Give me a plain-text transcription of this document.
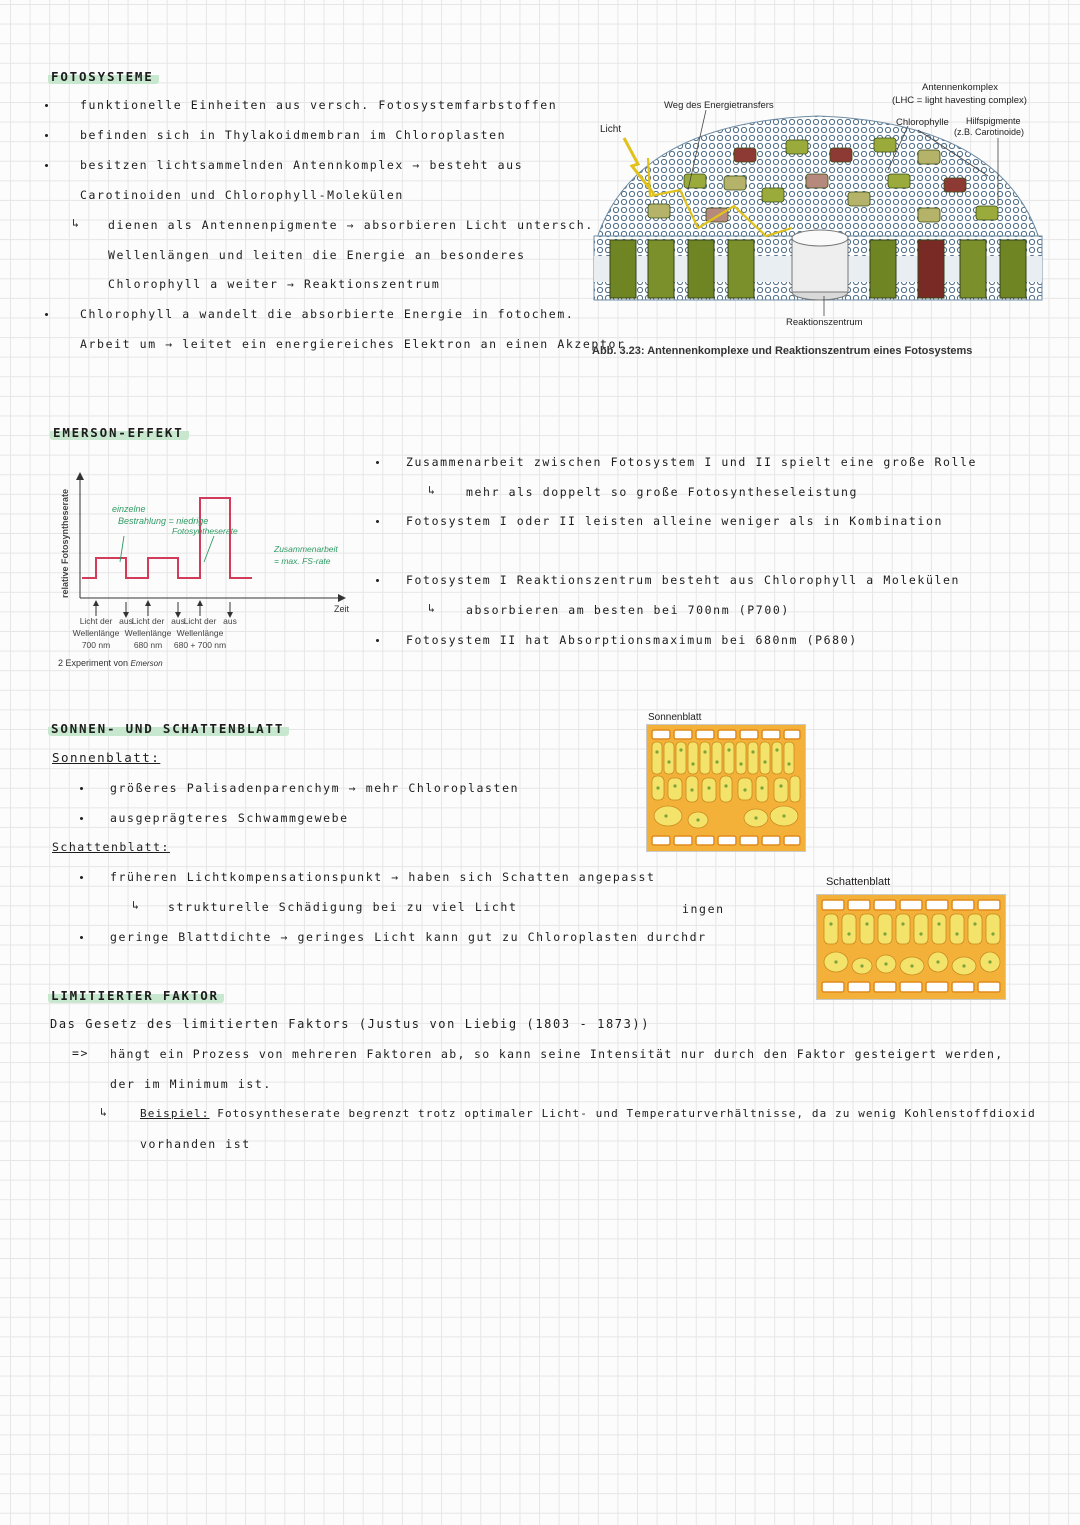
FOTOSYSTEME
funktionelle Einheiten aus versch. Fotosystemfarbstoffen
befinden sich in Thylakoidmembran im Chloroplasten
besitzen lichtsammelnden Antennkomplex → besteht aus
Carotinoiden und Chlorophyll-Molekülen
↳ dienen als Antennenpigmente → absorbieren Licht untersch.
Wellenlängen und leiten die Energie an besonderes
Chlorophyll a weiter → Reaktionszentrum
Chlorophyll a wandelt die absorbierte Energie in fotochem.
Arbeit um → leitet ein energiereiches Elektron an einen Akzeptor
Licht
Weg des Energietransfers
Antennenkomplex
(LHC = light havesting complex)
Chlorophylle Hilfspigmente
(z.B. Carotinoide)
Reaktionszentrum
Abb. 3.23: Antennenkomplexe und Reaktionszentrum eines Fotosystems
EMERSON-EFFEKT
relative Fotosyntheserate
Zeit
einzelne
Bestrahlung = niedrige
Fotosyntheserate
Zusammenarbeit
= max. FS-rate
Licht der
Wellenlänge
700 nm
aus
Licht der
Wellenlänge
680 nm
aus
Licht der
Wellenlänge
680 + 700 nm
aus
2 Experiment von Emerson
Zusammenarbeit zwischen Fotosystem I und II spielt eine große Rolle
↳	mehr als doppelt so große Fotosyntheseleistung
Fotosystem I oder II leisten alleine weniger als in Kombination
Fotosystem I Reaktionszentrum besteht aus Chlorophyll a Molekülen
↳	absorbieren am besten bei 700nm (P700)
Fotosystem II hat Absorptionsmaximum bei 680nm (P680)
SONNEN- UND SCHATTENBLATT
Sonnenblatt:
größeres Palisadenparenchym → mehr Chloroplasten
ausgeprägteres Schwammgewebe
Schattenblatt:
früheren Lichtkompensationspunkt → haben sich Schatten angepasst
↳ strukturelle Schädigung bei zu viel Licht
geringe Blattdichte → geringes Licht kann gut zu Chloroplasten durchdr
ingen
Sonnenblatt
Schattenblatt
LIMITIERTER FAKTOR
Das Gesetz des limitierten Faktors (Justus von Liebig (1803 - 1873))
=> hängt ein Prozess von mehreren Faktoren ab, so kann seine Intensität nur durch den Faktor gesteigert werden,
der im Minimum ist.
↳	Beispiel: Fotosyntheserate begrenzt trotz optimaler Licht- und Temperaturverhältnisse, da zu wenig Kohlenstoffdioxid
vorhanden ist
